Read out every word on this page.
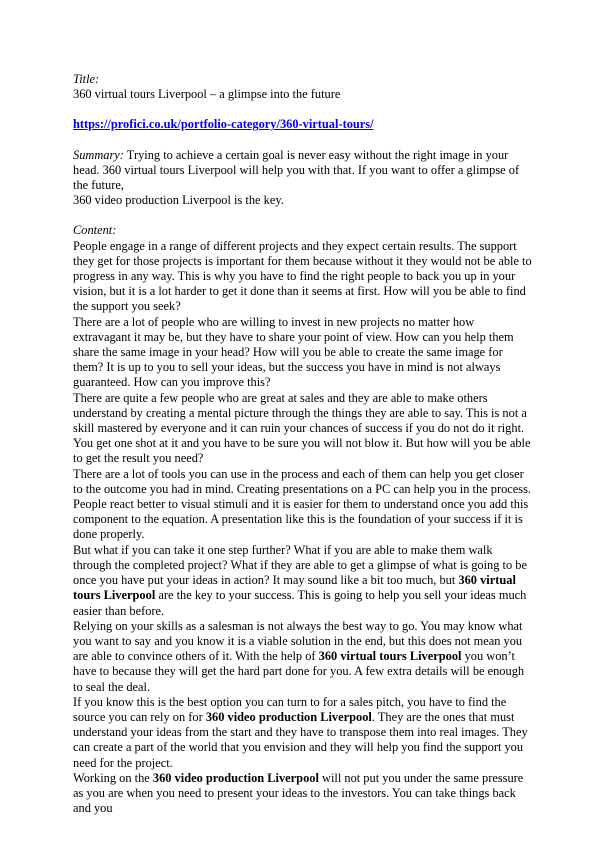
Title:

360 virtual tours Liverpool – a glimpse into the future

https://profici.co.uk/portfolio-category/360-virtual-tours/

Summary: Trying to achieve a certain goal is never easy without the right image in your head. 360 virtual tours Liverpool will help you with that. If you want to offer a glimpse of the future,

360 video production Liverpool is the key.

Content:

People engage in a range of different projects and they expect certain results. The support they get for those projects is important for them because without it they would not be able to progress in any way. This is why you have to find the right people to back you up in your vision, but it is a lot harder to get it done than it seems at first. How will you be able to find the support you seek?

There are a lot of people who are willing to invest in new projects no matter how extravagant it may be, but they have to share your point of view. How can you help them share the same image in your head? How will you be able to create the same image for them? It is up to you to sell your ideas, but the success you have in mind is not always guaranteed. How can you improve this?

There are quite a few people who are great at sales and they are able to make others understand by creating a mental picture through the things they are able to say. This is not a skill mastered by everyone and it can ruin your chances of success if you do not do it right. You get one shot at it and you have to be sure you will not blow it. But how will you be able to get the result you need?

There are a lot of tools you can use in the process and each of them can help you get closer to the outcome you had in mind. Creating presentations on a PC can help you in the process. People react better to visual stimuli and it is easier for them to understand once you add this component to the equation. A presentation like this is the foundation of your success if it is done properly.

But what if you can take it one step further? What if you are able to make them walk through the completed project? What if they are able to get a glimpse of what is going to be once you have put your ideas in action? It may sound like a bit too much, but 360 virtual tours Liverpool are the key to your success. This is going to help you sell your ideas much easier than before.

Relying on your skills as a salesman is not always the best way to go. You may know what you want to say and you know it is a viable solution in the end, but this does not mean you are able to convince others of it. With the help of 360 virtual tours Liverpool you won’t have to because they will get the hard part done for you. A few extra details will be enough to seal the deal.

If you know this is the best option you can turn to for a sales pitch, you have to find the source you can rely on for 360 video production Liverpool. They are the ones that must understand your ideas from the start and they have to transpose them into real images. They can create a part of the world that you envision and they will help you find the support you need for the project.

Working on the 360 video production Liverpool will not put you under the same pressure as you are when you need to present your ideas to the investors. You can take things back and you
